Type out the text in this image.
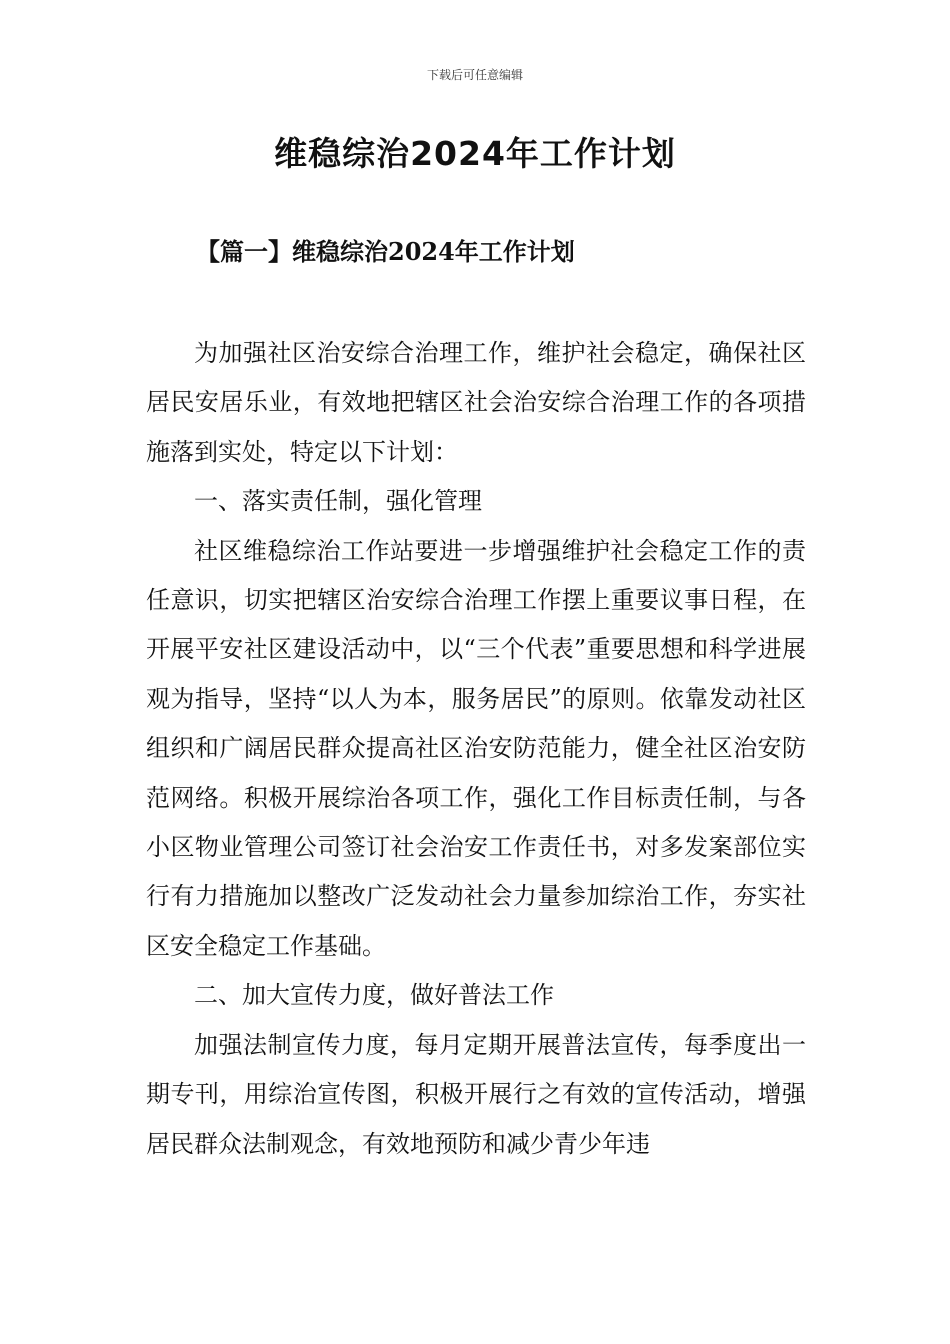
下载后可任意编辑
维稳综治2024年工作计划
【篇一】维稳综治2024年工作计划

为加强社区治安综合治理工作，维护社会稳定，确保社区居民安居乐业，有效地把辖区社会治安综合治理工作的各项措施落到实处，特定以下计划：

一、落实责任制，强化管理

社区维稳综治工作站要进一步增强维护社会稳定工作的责任意识，切实把辖区治安综合治理工作摆上重要议事日程，在开展平安社区建设活动中，以“三个代表”重要思想和科学进展观为指导，坚持“以人为本，服务居民”的原则。依靠发动社区组织和广阔居民群众提高社区治安防范能力，健全社区治安防范网络。积极开展综治各项工作，强化工作目标责任制，与各小区物业管理公司签订社会治安工作责任书，对多发案部位实行有力措施加以整改广泛发动社会力量参加综治工作，夯实社区安全稳定工作基础。

二、加大宣传力度，做好普法工作

加强法制宣传力度，每月定期开展普法宣传，每季度出一期专刊，用综治宣传图，积极开展行之有效的宣传活动，增强居民群众法制观念，有效地预防和减少青少年违
